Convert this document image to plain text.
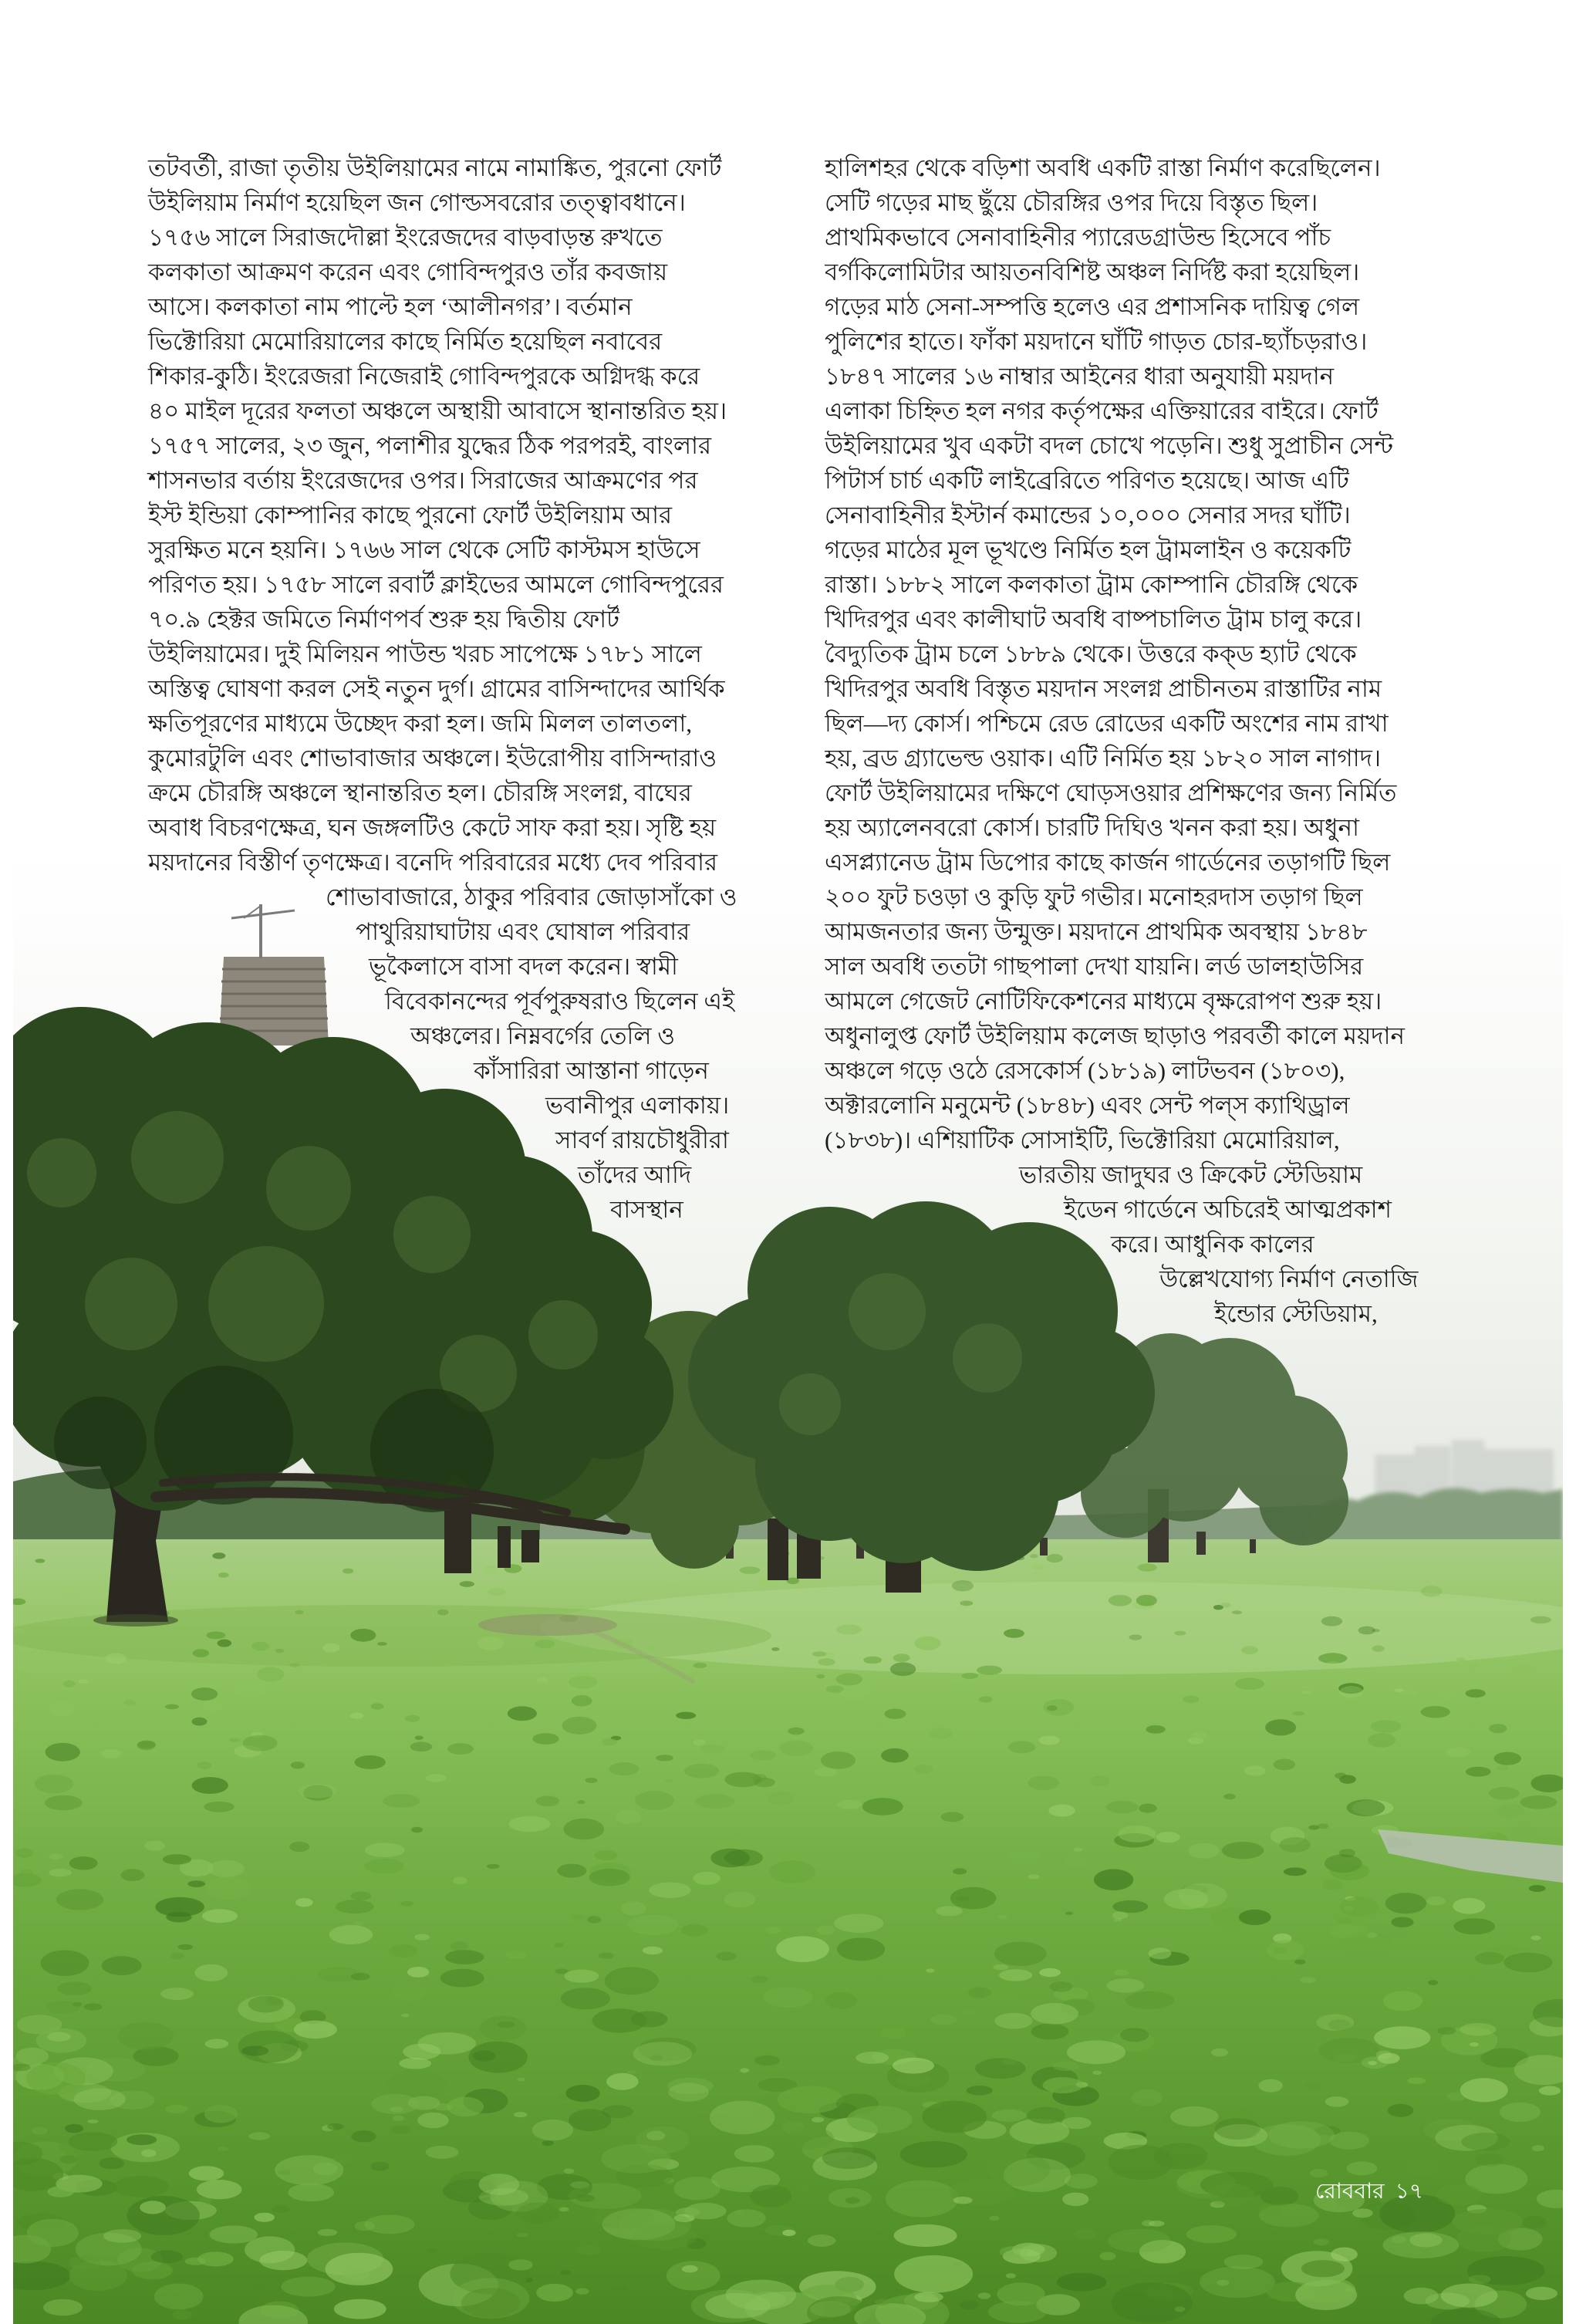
তটবর্তী, রাজা তৃতীয় উইলিয়ামের নামে নামাঙ্কিত, পুরনো ফোর্ট
উইলিয়াম নির্মাণ হয়েছিল জন গোল্ডসবরোর তত্ত্বাবধানে।
১৭৫৬ সালে সিরাজদৌল্লা ইংরেজদের বাড়বাড়ন্ত রুখতে
কলকাতা আক্রমণ করেন এবং গোবিন্দপুরও তাঁর কবজায়
আসে। কলকাতা নাম পাল্টে হল ‘আলীনগর’। বর্তমান
ভিক্টোরিয়া মেমোরিয়ালের কাছে নির্মিত হয়েছিল নবাবের
শিকার-কুঠি। ইংরেজরা নিজেরাই গোবিন্দপুরকে অগ্নিদগ্ধ করে
৪০ মাইল দূরের ফলতা অঞ্চলে অস্থায়ী আবাসে স্থানান্তরিত হয়।
১৭৫৭ সালের, ২৩ জুন, পলাশীর যুদ্ধের ঠিক পরপরই, বাংলার
শাসনভার বর্তায় ইংরেজদের ওপর। সিরাজের আক্রমণের পর
ইস্ট ইন্ডিয়া কোম্পানির কাছে পুরনো ফোর্ট উইলিয়াম আর
সুরক্ষিত মনে হয়নি। ১৭৬৬ সাল থেকে সেটি কাস্টমস হাউসে
পরিণত হয়। ১৭৫৮ সালে রবার্ট ক্লাইভের আমলে গোবিন্দপুরের
৭০.৯ হেক্টর জমিতে নির্মাণপর্ব শুরু হয় দ্বিতীয় ফোর্ট
উইলিয়ামের। দুই মিলিয়ন পাউন্ড খরচ সাপেক্ষে ১৭৮১ সালে
অস্তিত্ব ঘোষণা করল সেই নতুন দুর্গ। গ্রামের বাসিন্দাদের আর্থিক
ক্ষতিপূরণের মাধ্যমে উচ্ছেদ করা হল। জমি মিলল তালতলা,
কুমোরটুলি এবং শোভাবাজার অঞ্চলে। ইউরোপীয় বাসিন্দারাও
ক্রমে চৌরঙ্গি অঞ্চলে স্থানান্তরিত হল। চৌরঙ্গি সংলগ্ন, বাঘের
অবাধ বিচরণক্ষেত্র, ঘন জঙ্গলটিও কেটে সাফ করা হয়। সৃষ্টি হয়
ময়দানের বিস্তীর্ণ তৃণক্ষেত্র। বনেদি পরিবারের মধ্যে দেব পরিবার
শোভাবাজারে, ঠাকুর পরিবার জোড়াসাঁকো ও
পাথুরিয়াঘাটায় এবং ঘোষাল পরিবার
ভূকৈলাসে বাসা বদল করেন। স্বামী
বিবেকানন্দের পূর্বপুরুষরাও ছিলেন এই
অঞ্চলের। নিম্নবর্গের তেলি ও
কাঁসারিরা আস্তানা গাড়েন
ভবানীপুর এলাকায়।
সাবর্ণ রায়চৌধুরীরা
তাঁদের আদি
বাসস্থান
হালিশহর থেকে বড়িশা অবধি একটি রাস্তা নির্মাণ করেছিলেন।
সেটি গড়ের মাছ ছুঁয়ে চৌরঙ্গির ওপর দিয়ে বিস্তৃত ছিল।
প্রাথমিকভাবে সেনাবাহিনীর প্যারেডগ্রাউন্ড হিসেবে পাঁচ
বর্গকিলোমিটার আয়তনবিশিষ্ট অঞ্চল নির্দিষ্ট করা হয়েছিল।
গড়ের মাঠ সেনা-সম্পত্তি হলেও এর প্রশাসনিক দায়িত্ব গেল
পুলিশের হাতে। ফাঁকা ময়দানে ঘাঁটি গাড়ত চোর-ছ্যাঁচড়রাও।
১৮৪৭ সালের ১৬ নাম্বার আইনের ধারা অনুযায়ী ময়দান
এলাকা চিহ্নিত হল নগর কর্তৃপক্ষের এক্তিয়ারের বাইরে। ফোর্ট
উইলিয়ামের খুব একটা বদল চোখে পড়েনি। শুধু সুপ্রাচীন সেন্ট
পিটার্স চার্চ একটি লাইব্রেরিতে পরিণত হয়েছে। আজ এটি
সেনাবাহিনীর ইস্টার্ন কমান্ডের ১০,০০০ সেনার সদর ঘাঁটি।
গড়ের মাঠের মূল ভূখণ্ডে নির্মিত হল ট্রামলাইন ও কয়েকটি
রাস্তা। ১৮৮২ সালে কলকাতা ট্রাম কোম্পানি চৌরঙ্গি থেকে
খিদিরপুর এবং কালীঘাট অবধি বাষ্পচালিত ট্রাম চালু করে।
বৈদ্যুতিক ট্রাম চলে ১৮৮৯ থেকে। উত্তরে কক্‌ড হ্যাট থেকে
খিদিরপুর অবধি বিস্তৃত ময়দান সংলগ্ন প্রাচীনতম রাস্তাটির নাম
ছিল—দ্য কোর্স। পশ্চিমে রেড রোডের একটি অংশের নাম রাখা
হয়, ব্রড গ্র্যাভেল্ড ওয়াক। এটি নির্মিত হয় ১৮২০ সাল নাগাদ।
ফোর্ট উইলিয়ামের দক্ষিণে ঘোড়সওয়ার প্রশিক্ষণের জন্য নির্মিত
হয় অ্যালেনবরো কোর্স। চারটি দিঘিও খনন করা হয়। অধুনা
এসপ্ল্যানেড ট্রাম ডিপোর কাছে কার্জন গার্ডেনের তড়াগটি ছিল
২০০ ফুট চওড়া ও কুড়ি ফুট গভীর। মনোহরদাস তড়াগ ছিল
আমজনতার জন্য উন্মুক্ত। ময়দানে প্রাথমিক অবস্থায় ১৮৪৮
সাল অবধি ততটা গাছপালা দেখা যায়নি। লর্ড ডালহাউসির
আমলে গেজেট নোটিফিকেশনের মাধ্যমে বৃক্ষরোপণ শুরু হয়।
অধুনালুপ্ত ফোর্ট উইলিয়াম কলেজ ছাড়াও পরবর্তী কালে ময়দান
অঞ্চলে গড়ে ওঠে রেসকোর্স (১৮১৯) লাটভবন (১৮০৩),
অক্টারলোনি মনুমেন্ট (১৮৪৮) এবং সেন্ট পল্‌স ক্যাথিড্রাল
(১৮৩৮)। এশিয়াটিক সোসাইটি, ভিক্টোরিয়া মেমোরিয়াল,
ভারতীয় জাদুঘর ও ক্রিকেট স্টেডিয়াম
ইডেন গার্ডেনে অচিরেই আত্মপ্রকাশ
করে। আধুনিক কালের
উল্লেখযোগ্য নির্মাণ নেতাজি
ইন্ডোর স্টেডিয়াম,
রোববার ১৭
